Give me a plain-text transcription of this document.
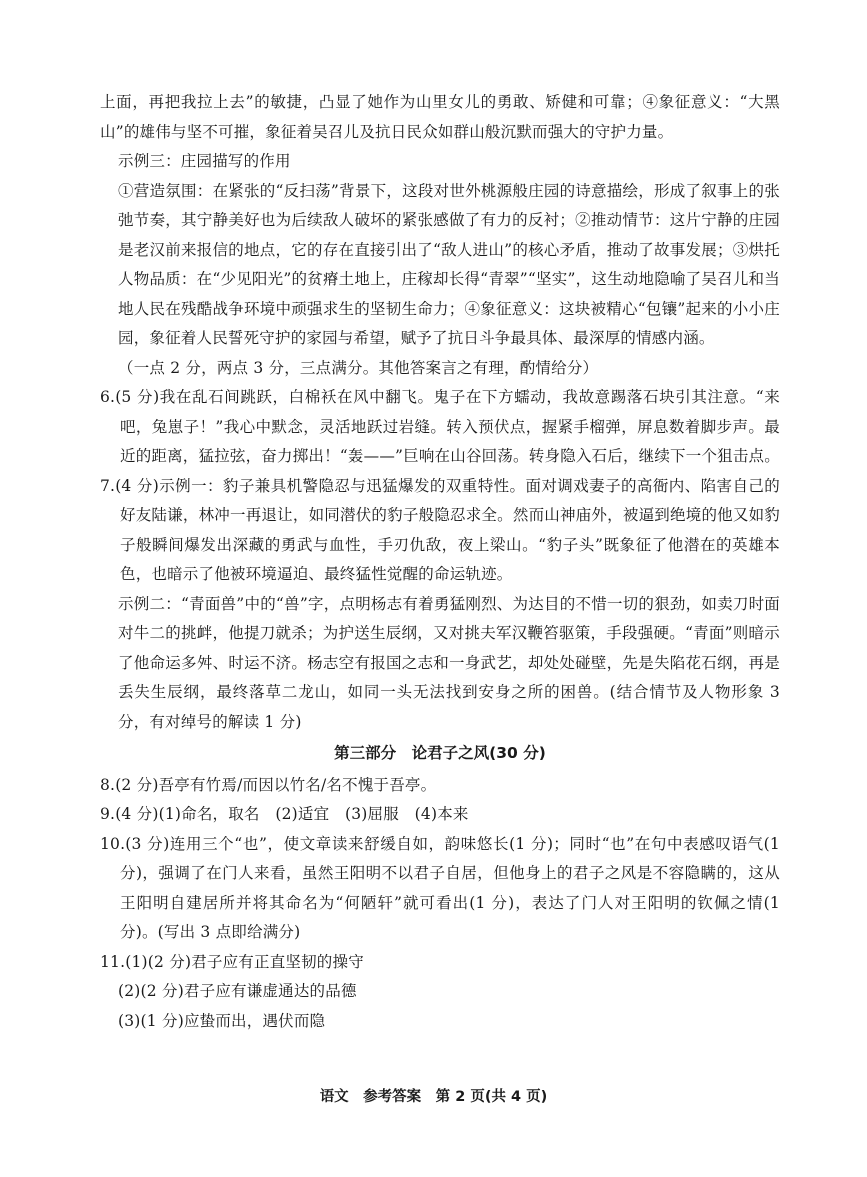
上面，再把我拉上去”的敏捷，凸显了她作为山里女儿的勇敢、矫健和可靠；④象征意义：“大黑山”的雄伟与坚不可摧，象征着吴召儿及抗日民众如群山般沉默而强大的守护力量。

示例三：庄园描写的作用

①营造氛围：在紧张的“反扫荡”背景下，这段对世外桃源般庄园的诗意描绘，形成了叙事上的张弛节奏，其宁静美好也为后续敌人破坏的紧张感做了有力的反衬；②推动情节：这片宁静的庄园是老汉前来报信的地点，它的存在直接引出了“敌人进山”的核心矛盾，推动了故事发展；③烘托人物品质：在“少见阳光”的贫瘠土地上，庄稼却长得“青翠”“坚实”，这生动地隐喻了吴召儿和当地人民在残酷战争环境中顽强求生的坚韧生命力；④象征意义：这块被精心“包镶”起来的小小庄园，象征着人民誓死守护的家园与希望，赋予了抗日斗争最具体、最深厚的情感内涵。

（一点 2 分，两点 3 分，三点满分。其他答案言之有理，酌情给分）

6.(5 分)我在乱石间跳跃，白棉袄在风中翻飞。鬼子在下方蠕动，我故意踢落石块引其注意。“来吧，兔崽子！”我心中默念，灵活地跃过岩缝。转入预伏点，握紧手榴弹，屏息数着脚步声。最近的距离，猛拉弦，奋力掷出！“轰——”巨响在山谷回荡。转身隐入石后，继续下一个狙击点。

7.(4 分)示例一：豹子兼具机警隐忍与迅猛爆发的双重特性。面对调戏妻子的高衙内、陷害自己的好友陆谦，林冲一再退让，如同潜伏的豹子般隐忍求全。然而山神庙外，被逼到绝境的他又如豹子般瞬间爆发出深藏的勇武与血性，手刃仇敌，夜上梁山。“豹子头”既象征了他潜在的英雄本色，也暗示了他被环境逼迫、最终猛性觉醒的命运轨迹。

示例二：“青面兽”中的“兽”字，点明杨志有着勇猛刚烈、为达目的不惜一切的狠劲，如卖刀时面对牛二的挑衅，他提刀就杀；为护送生辰纲，又对挑夫军汉鞭笞驱策，手段强硬。“青面”则暗示了他命运多舛、时运不济。杨志空有报国之志和一身武艺，却处处碰壁，先是失陷花石纲，再是丢失生辰纲，最终落草二龙山，如同一头无法找到安身之所的困兽。(结合情节及人物形象 3 分，有对绰号的解读 1 分)

第三部分　论君子之风(30 分)

8.(2 分)吾亭有竹焉/而因以竹名/名不愧于吾亭。

9.(4 分)(1)命名，取名　(2)适宜　(3)屈服　(4)本来

10.(3 分)连用三个“也”，使文章读来舒缓自如，韵味悠长(1 分)；同时“也”在句中表感叹语气(1 分)，强调了在门人来看，虽然王阳明不以君子自居，但他身上的君子之风是不容隐瞒的，这从王阳明自建居所并将其命名为“何陋轩”就可看出(1 分)，表达了门人对王阳明的钦佩之情(1 分)。(写出 3 点即给满分)

11.(1)(2 分)君子应有正直坚韧的操守

(2)(2 分)君子应有谦虚通达的品德

(3)(1 分)应蛰而出，遇伏而隐

语文　参考答案　第 2 页(共 4 页)
